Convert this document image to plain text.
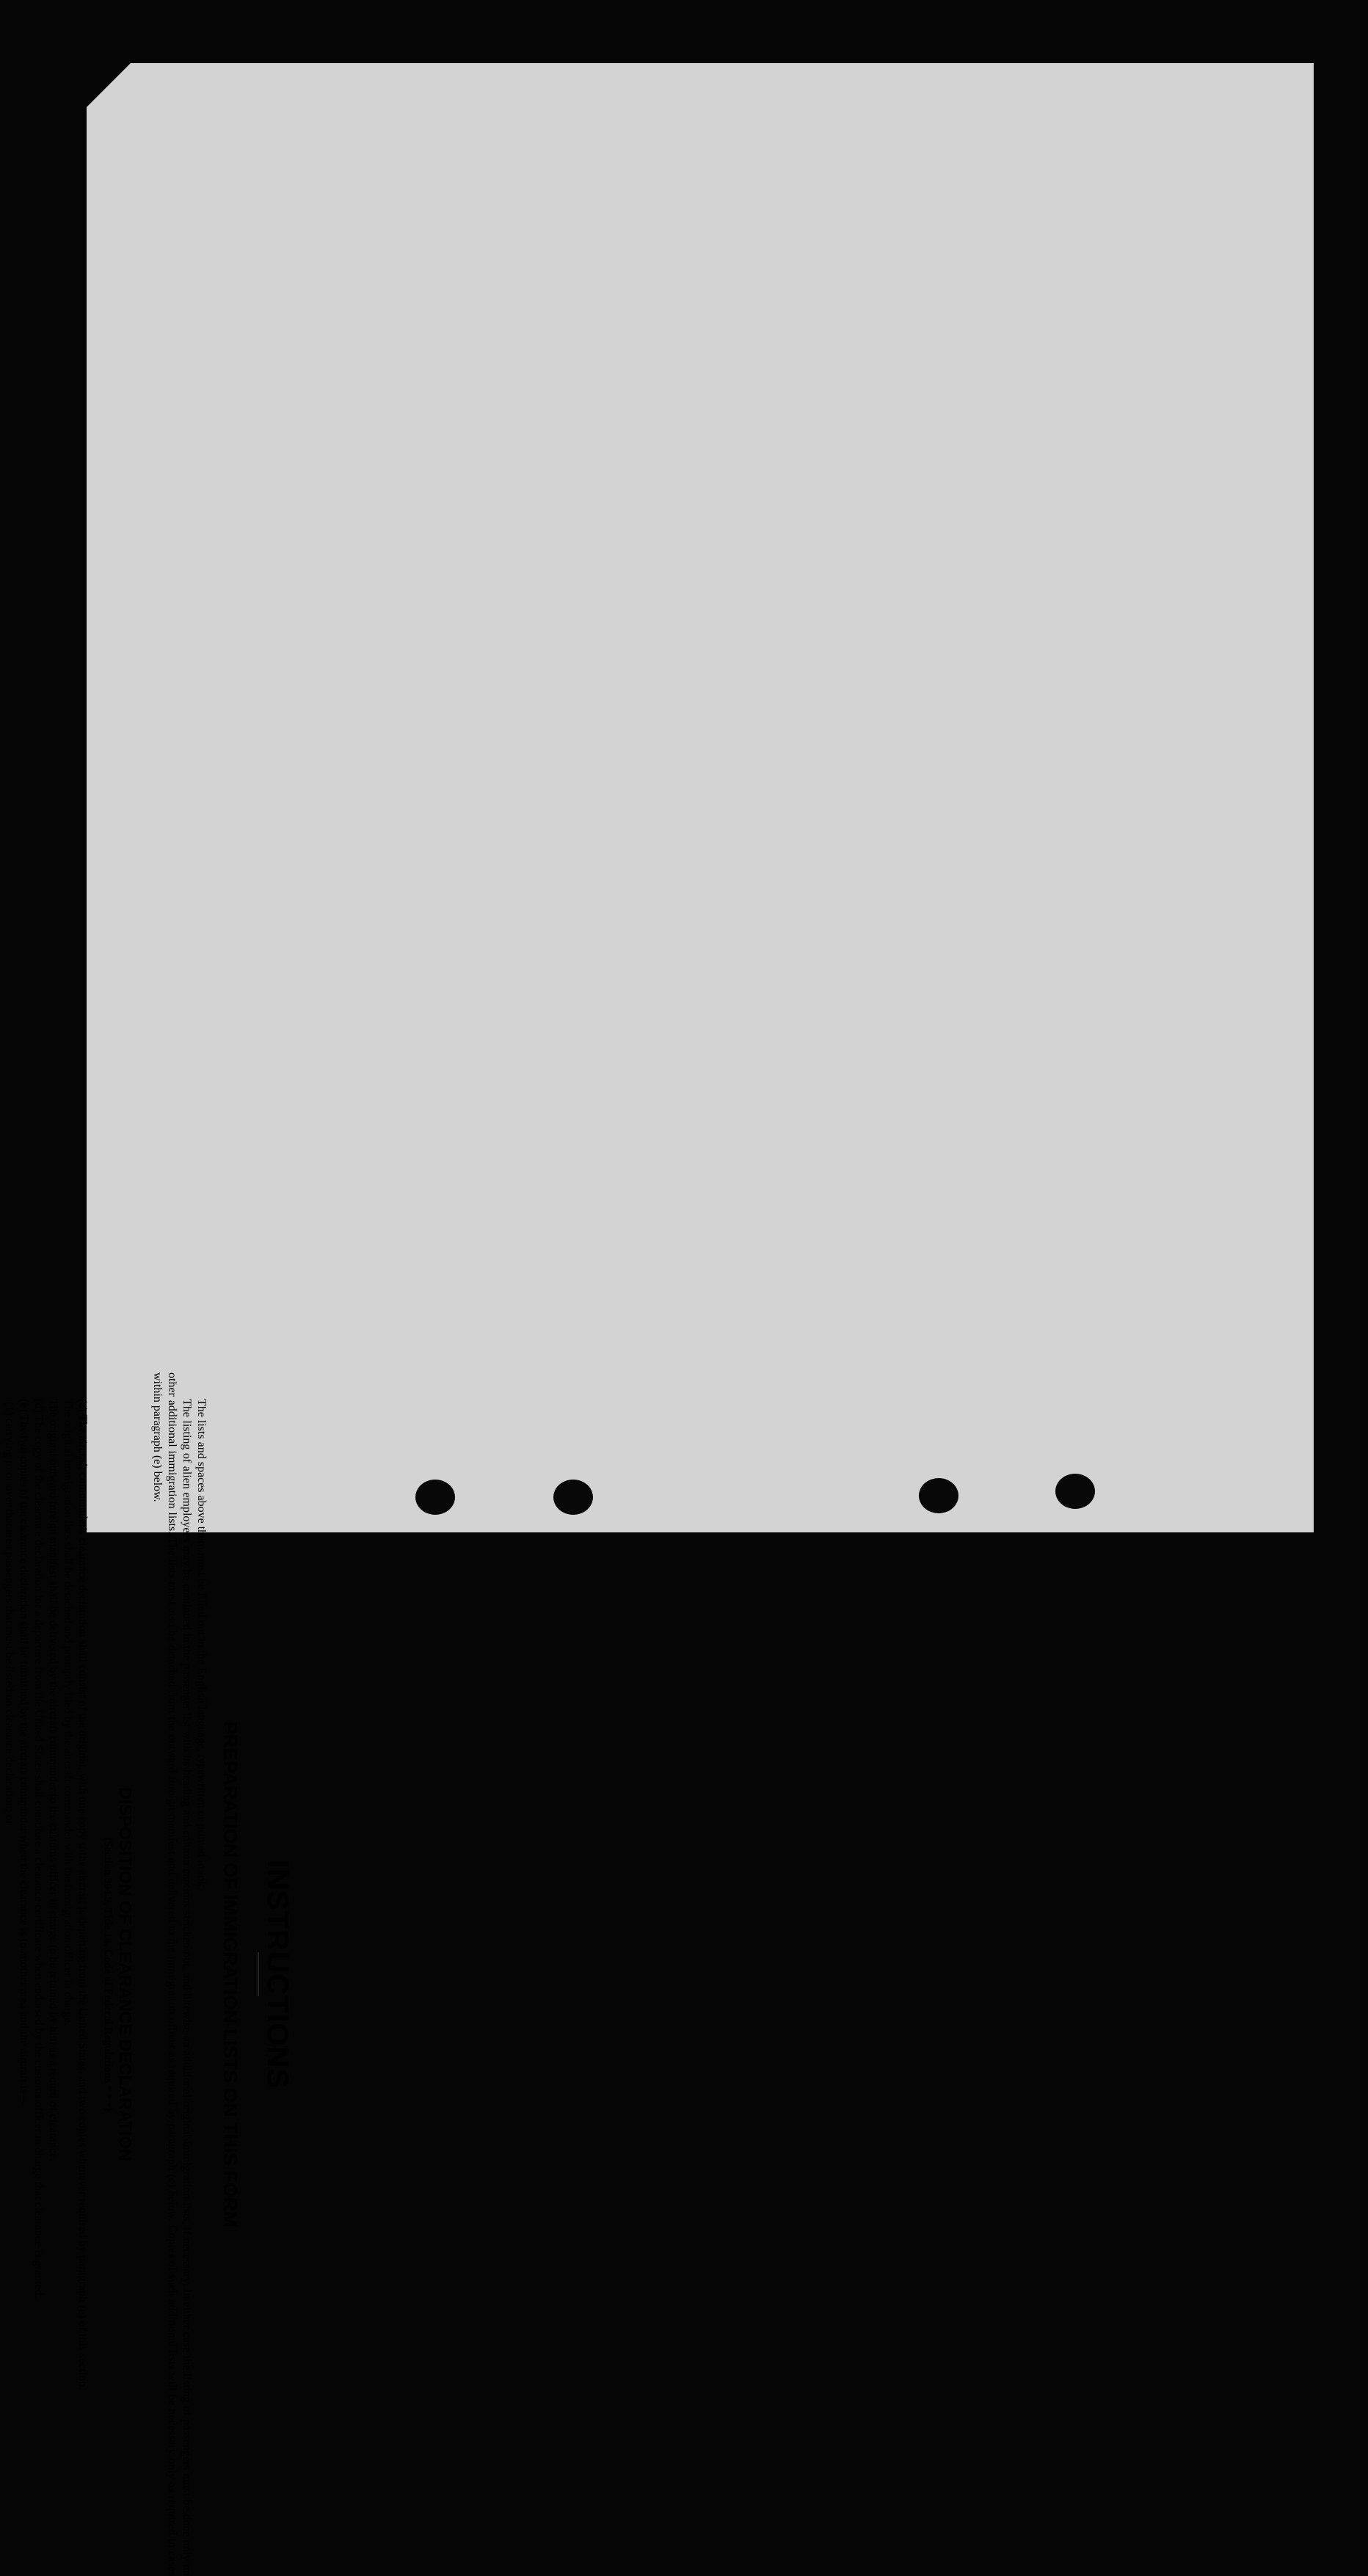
INSTRUCTIONS
PREPARATION OF IMMIGRATION LISTS ON THIS FORM

The lists and spaces above them must be filled out in the English language, typewritten or printed in ink.

The listing of alien employees may be continued in the passenger list with its heading and column captions stricken out, and likewise on additional original immigration lists, if necessary. In either case the listing of passengers must be done only on other additional immigration lists. The lists must also be detached from the outward foreign manifest and delivered to the immigration officer as required by paragraph (c) below. Copies of such additional lists will be necessary only as required in cases within paragraph (e) below.

DISPOSITION OF CLEARANCE DECLARATION
(Section 904.9, Title 14, Code of Federal Regulations * * *)

(c) The aircraft commander's clearance declaration shall consist of the original, with one copy if the aircraft is departing from the United States, and two copies whenever required by paragraph (e) of this section.

The original immigration lists shall be detached and promptly filed by the aircraft commander with the immigration officer in charge.

The original outward foreign manifest shall be delivered by the aircraft commander to the customs officer in charge to be retained by him as a record of clearance.

(d) The copy of the clearance declaration for a departure from the United States shall constitute a clearance certificate when endorsed by the customs officer in charge that clearance is granted.

(e) The two copies of the clearance declaration shall be furnished by the aircraft commander when the clearance is to another area and the aircraft is—

(1) carrying to or over that area passengers that must be listed on clearance declaration; or
